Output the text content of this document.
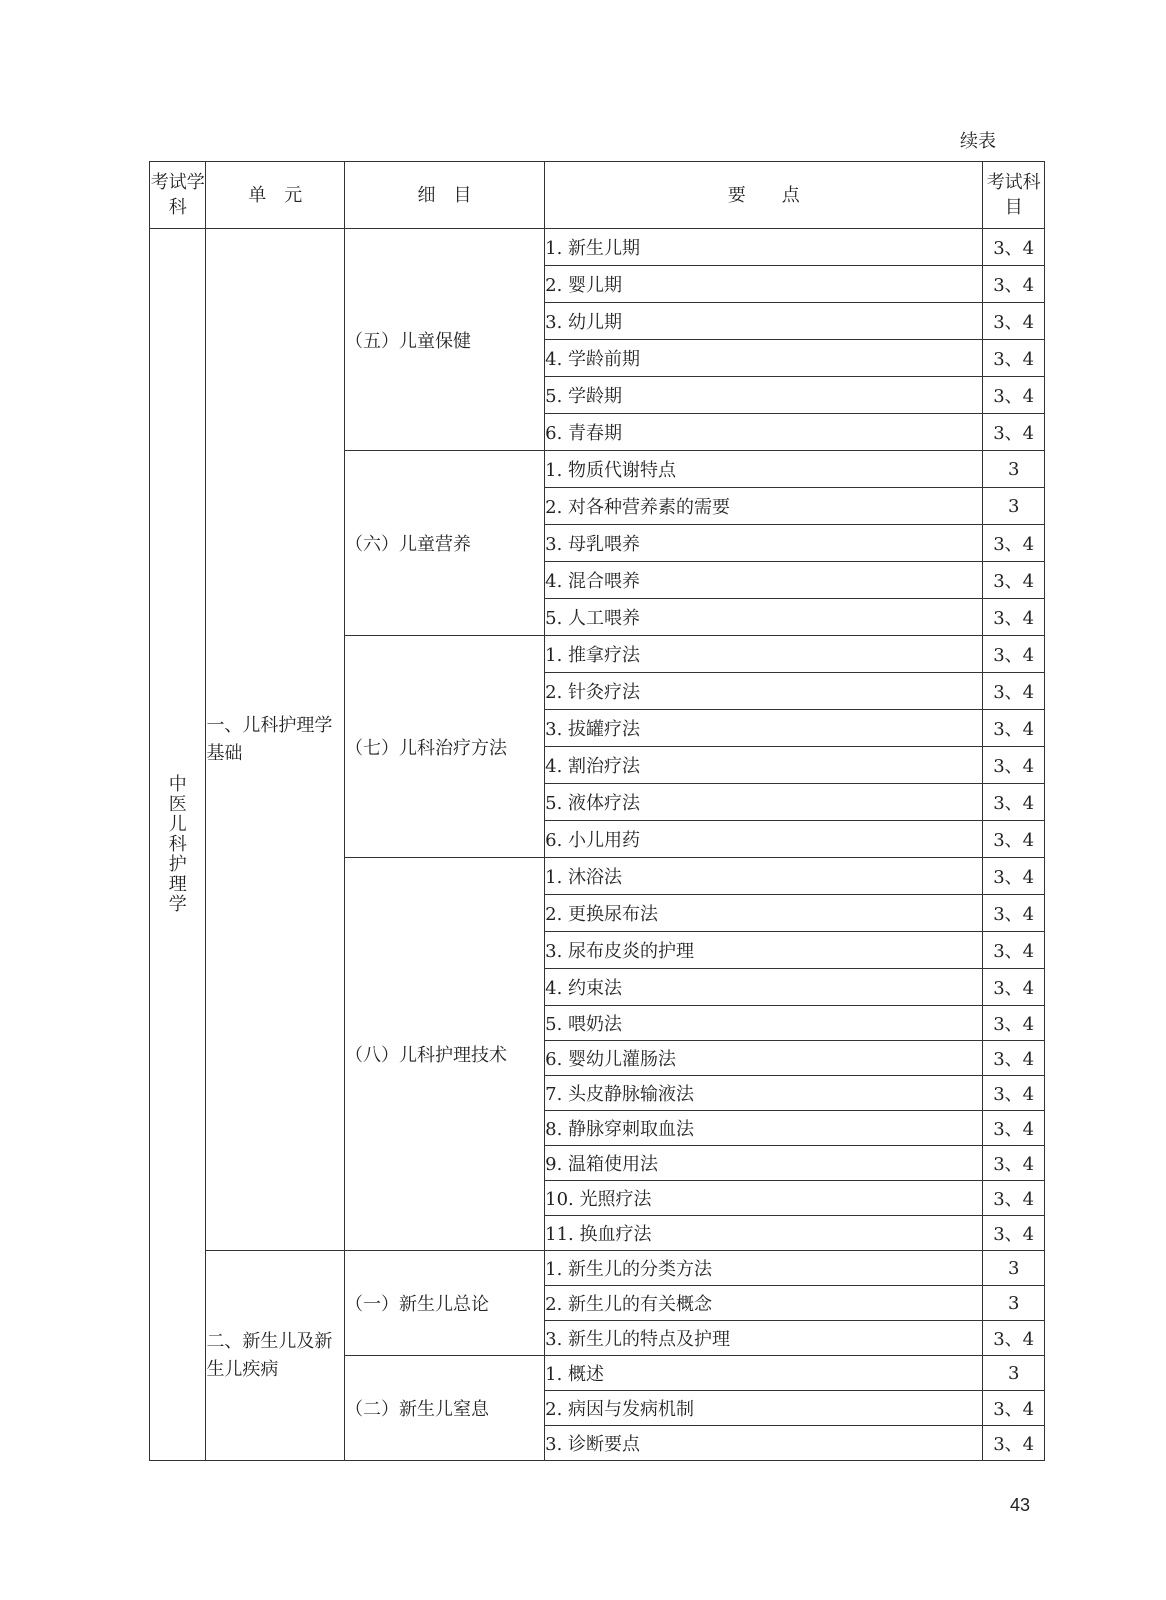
续表
考试学科	单　元	细　目	要　　点	考试科目
中医儿科护理学	一、儿科护理学基础	（五）儿童保健	1. 新生儿期	3、4
			2. 婴儿期	3、4
			3. 幼儿期	3、4
			4. 学龄前期	3、4
			5. 学龄期	3、4
			6. 青春期	3、4
		（六）儿童营养	1. 物质代谢特点	3
			2. 对各种营养素的需要	3
			3. 母乳喂养	3、4
			4. 混合喂养	3、4
			5. 人工喂养	3、4
		（七）儿科治疗方法	1. 推拿疗法	3、4
			2. 针灸疗法	3、4
			3. 拔罐疗法	3、4
			4. 割治疗法	3、4
			5. 液体疗法	3、4
			6. 小儿用药	3、4
		（八）儿科护理技术	1. 沐浴法	3、4
			2. 更换尿布法	3、4
			3. 尿布皮炎的护理	3、4
			4. 约束法	3、4
			5. 喂奶法	3、4
			6. 婴幼儿灌肠法	3、4
			7. 头皮静脉输液法	3、4
			8. 静脉穿刺取血法	3、4
			9. 温箱使用法	3、4
			10. 光照疗法	3、4
			11. 换血疗法	3、4
	二、新生儿及新生儿疾病	（一）新生儿总论	1. 新生儿的分类方法	3
			2. 新生儿的有关概念	3
			3. 新生儿的特点及护理	3、4
		（二）新生儿窒息	1. 概述	3
			2. 病因与发病机制	3、4
			3. 诊断要点	3、4
43
